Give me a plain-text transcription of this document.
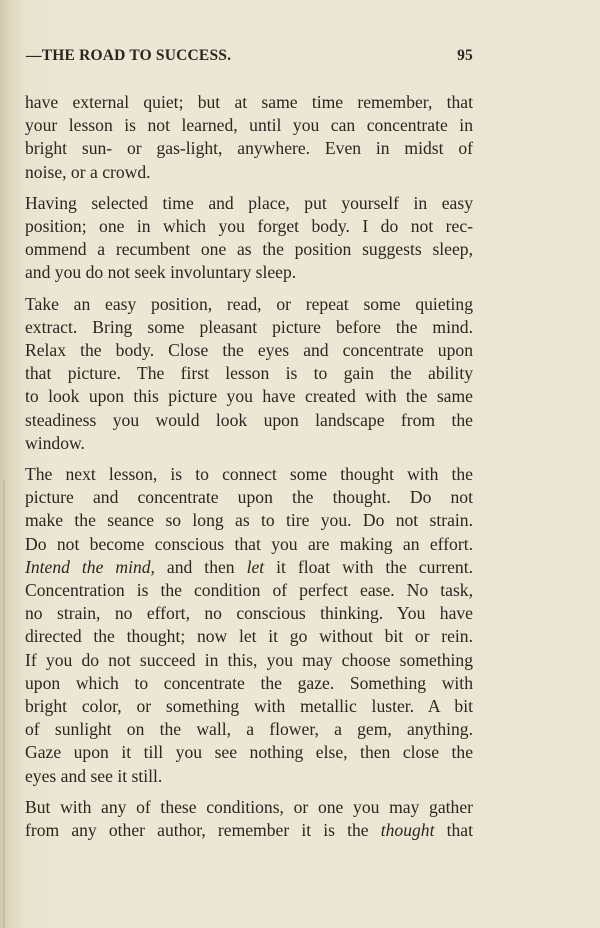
—THE ROAD TO SUCCESS.	95

have external quiet; but at same time remember, that
your lesson is not learned, until you can concentrate in
bright sun- or gas-light, anywhere. Even in midst of
noise, or a crowd.

Having selected time and place, put yourself in easy
position; one in which you forget body. I do not rec-
ommend a recumbent one as the position suggests sleep,
and you do not seek involuntary sleep.

Take an easy position, read, or repeat some quieting
extract. Bring some pleasant picture before the mind.
Relax the body. Close the eyes and concentrate upon
that picture. The first lesson is to gain the ability
to look upon this picture you have created with the same
steadiness you would look upon landscape from the
window.

The next lesson, is to connect some thought with the
picture and concentrate upon the thought. Do not
make the seance so long as to tire you. Do not strain.
Do not become conscious that you are making an effort.
Intend the mind, and then let it float with the current.
Concentration is the condition of perfect ease. No task,
no strain, no effort, no conscious thinking. You have
directed the thought; now let it go without bit or rein.
If you do not succeed in this, you may choose something
upon which to concentrate the gaze. Something with
bright color, or something with metallic luster. A bit
of sunlight on the wall, a flower, a gem, anything.
Gaze upon it till you see nothing else, then close the
eyes and see it still.

But with any of these conditions, or one you may gather
from any other author, remember it is the thought that
